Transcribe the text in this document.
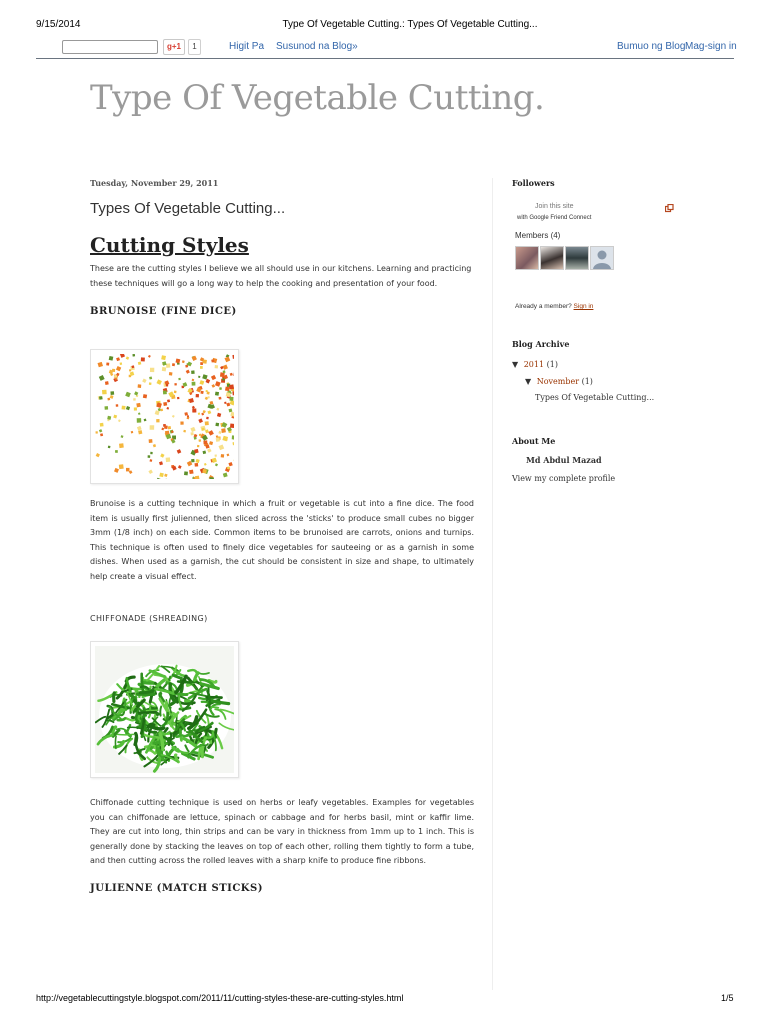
9/15/2014	Type Of Vegetable Cutting.: Types Of Vegetable Cutting...
g+1	1	Higit Pa Susunod na Blog»	Bumuo ng Blog Mag-sign in
Type Of Vegetable Cutting.
Tuesday, November 29, 2011
Types Of Vegetable Cutting...
Cutting Styles
These are the cutting styles I believe we all should use in our kitchens. Learning and practicing these techniques will go a long way to help the cooking and presentation of your food.
BRUNOISE (FINE DICE)
Brunoise is a cutting technique in which a fruit or vegetable is cut into a fine dice. The food item is usually first julienned, then sliced across the 'sticks' to produce small cubes no bigger 3mm (1/8 inch) on each side. Common items to be brunoised are carrots, onions and turnips. This technique is often used to finely dice vegetables for sauteeing or as a garnish in some dishes. When used as a garnish, the cut should be consistent in size and shape, to ultimately help create a visual effect.
CHIFFONADE (SHREADING)
Chiffonade cutting technique is used on herbs or leafy vegetables. Examples for vegetables you can chiffonade are lettuce, spinach or cabbage and for herbs basil, mint or kaffir lime. They are cut into long, thin strips and can be vary in thickness from 1mm up to 1 inch. This is generally done by stacking the leaves on top of each other, rolling them tightly to form a tube, and then cutting across the rolled leaves with a sharp knife to produce fine ribbons.
JULIENNE (MATCH STICKS)
Followers
Join this site
with Google Friend Connect
Members (4)
Already a member? Sign in
Blog Archive
▼ 2011 (1)
▼ November (1)
Types Of Vegetable Cutting...
About Me
Md Abdul Mazad
View my complete profile
http://vegetablecuttingstyle.blogspot.com/2011/11/cutting-styles-these-are-cutting-styles.html	1/5
